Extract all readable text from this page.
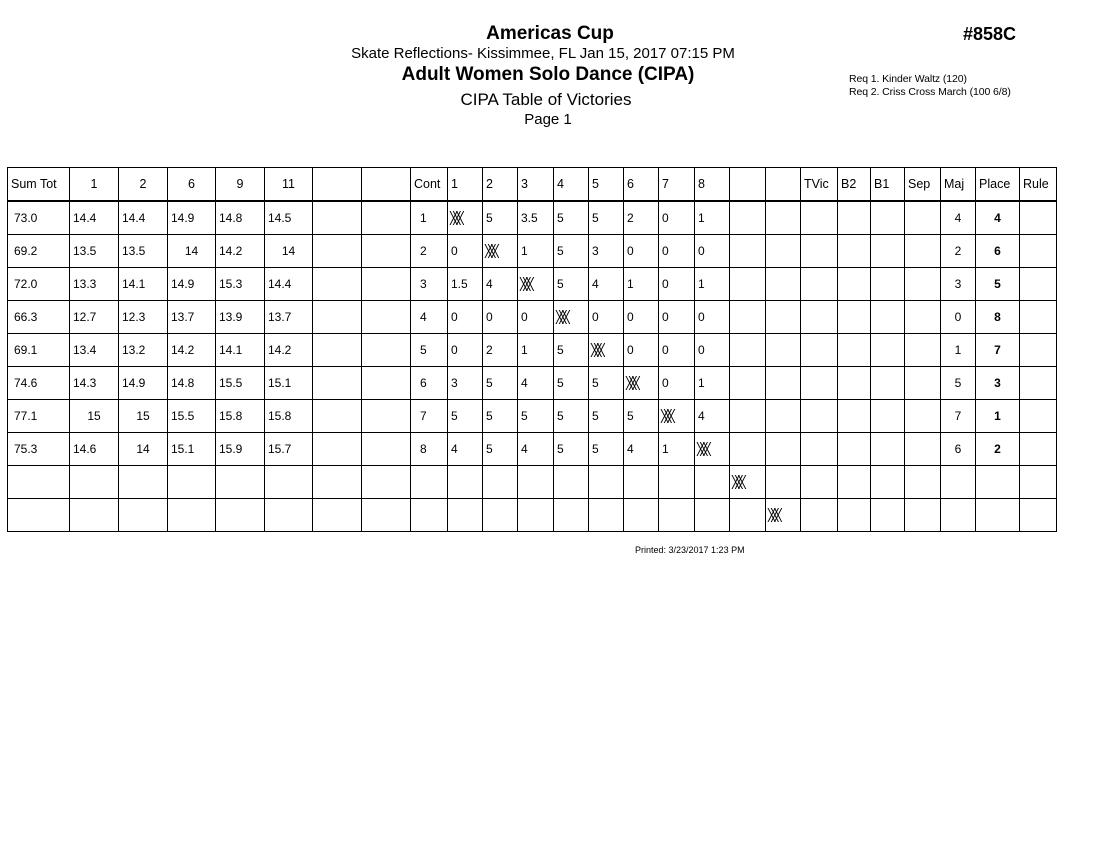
Americas Cup
Skate Reflections- Kissimmee, FL Jan 15, 2017 07:15 PM
Adult Women Solo Dance (CIPA)
CIPA Table of Victories
Page 1
#858C
Req 1. Kinder Waltz (120)
Req 2. Criss Cross March (100 6/8)
Sum Tot	1	2	6	9	11			Cont	1	2	3	4	5	6	7	8			TVic	B2	B1	Sep	Maj	Place	Rule
73.0	14.4	14.4	14.9	14.8	14.5			1	╳╳╳	5	3.5	5	5	2	0	1							4	4	
69.2	13.5	13.5	14	14.2	14			2	0	╳╳╳	1	5	3	0	0	0							2	6	
72.0	13.3	14.1	14.9	15.3	14.4			3	1.5	4	╳╳╳	5	4	1	0	1							3	5	
66.3	12.7	12.3	13.7	13.9	13.7			4	0	0	0	╳╳╳	0	0	0	0							0	8	
69.1	13.4	13.2	14.2	14.1	14.2			5	0	2	1	5	╳╳╳	0	0	0							1	7	
74.6	14.3	14.9	14.8	15.5	15.1			6	3	5	4	5	5	╳╳╳	0	1							5	3	
77.1	15	15	15.5	15.8	15.8			7	5	5	5	5	5	5	╳╳╳	4							7	1	
75.3	14.6	14	15.1	15.9	15.7			8	4	5	4	5	5	4	1	╳╳╳							6	2	
																	╳╳╳								
																		╳╳╳							
Printed: 3/23/2017 1:23 PM
